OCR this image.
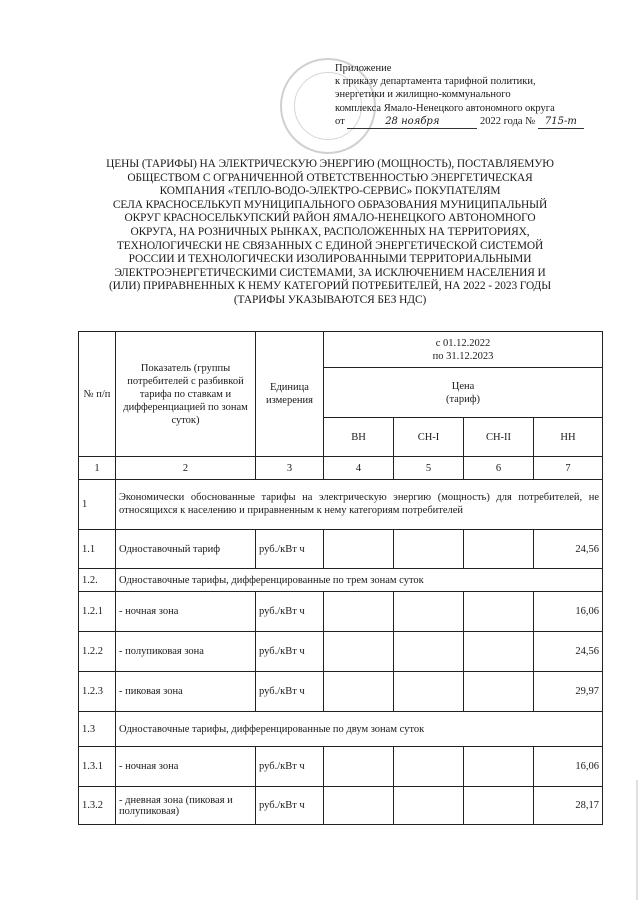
Приложение
к приказу департамента тарифной политики,
энергетики и жилищно-коммунального
комплекса Ямало-Ненецкого автономного округа
от	28 ноября	2022 года № 715-т
ЦЕНЫ (ТАРИФЫ) НА ЭЛЕКТРИЧЕСКУЮ ЭНЕРГИЮ (МОЩНОСТЬ), ПОСТАВЛЯЕМУЮ
ОБЩЕСТВОМ С ОГРАНИЧЕННОЙ ОТВЕТСТВЕННОСТЬЮ ЭНЕРГЕТИЧЕСКАЯ
КОМПАНИЯ «ТЕПЛО-ВОДО-ЭЛЕКТРО-СЕРВИС» ПОКУПАТЕЛЯМ
СЕЛА КРАСНОСЕЛЬКУП МУНИЦИПАЛЬНОГО ОБРАЗОВАНИЯ МУНИЦИПАЛЬНЫЙ
ОКРУГ КРАСНОСЕЛЬКУПСКИЙ РАЙОН ЯМАЛО-НЕНЕЦКОГО АВТОНОМНОГО
ОКРУГА, НА РОЗНИЧНЫХ РЫНКАХ, РАСПОЛОЖЕННЫХ НА ТЕРРИТОРИЯХ,
ТЕХНОЛОГИЧЕСКИ НЕ СВЯЗАННЫХ С ЕДИНОЙ ЭНЕРГЕТИЧЕСКОЙ СИСТЕМОЙ
РОССИИ И ТЕХНОЛОГИЧЕСКИ ИЗОЛИРОВАННЫМИ ТЕРРИТОРИАЛЬНЫМИ
ЭЛЕКТРОЭНЕРГЕТИЧЕСКИМИ СИСТЕМАМИ, ЗА ИСКЛЮЧЕНИЕМ НАСЕЛЕНИЯ И
(ИЛИ) ПРИРАВНЕННЫХ К НЕМУ КАТЕГОРИЙ ПОТРЕБИТЕЛЕЙ, НА 2022 - 2023 ГОДЫ
(ТАРИФЫ УКАЗЫВАЮТСЯ БЕЗ НДС)
№ п/п	Показатель (группы потребителей с разбивкой тарифа по ставкам и дифференциацией по зонам суток)	Единица измерения	с 01.12.2022
по 31.12.2023			

			Цена
(тариф)			

			ВН	СН-I	СН-II	НН
1	2	3	4	5	6	7
1	Экономически обоснованные тарифы на электрическую энергию (мощность) для потребителей, не относящихся к населению и приравненным к нему категориям потребителей					
1.1	Одноставочный тариф	руб./кВт ч				24,56
1.2.	Одноставочные тарифы, дифференцированные по трем зонам суток					
1.2.1	- ночная зона	руб./кВт ч				16,06
1.2.2	- полупиковая зона	руб./кВт ч				24,56
1.2.3	- пиковая зона	руб./кВт ч				29,97
1.3	Одноставочные тарифы, дифференцированные по двум зонам суток					
1.3.1	- ночная зона	руб./кВт ч				16,06
1.3.2	- дневная зона (пиковая и полупиковая)	руб./кВт ч				28,17
